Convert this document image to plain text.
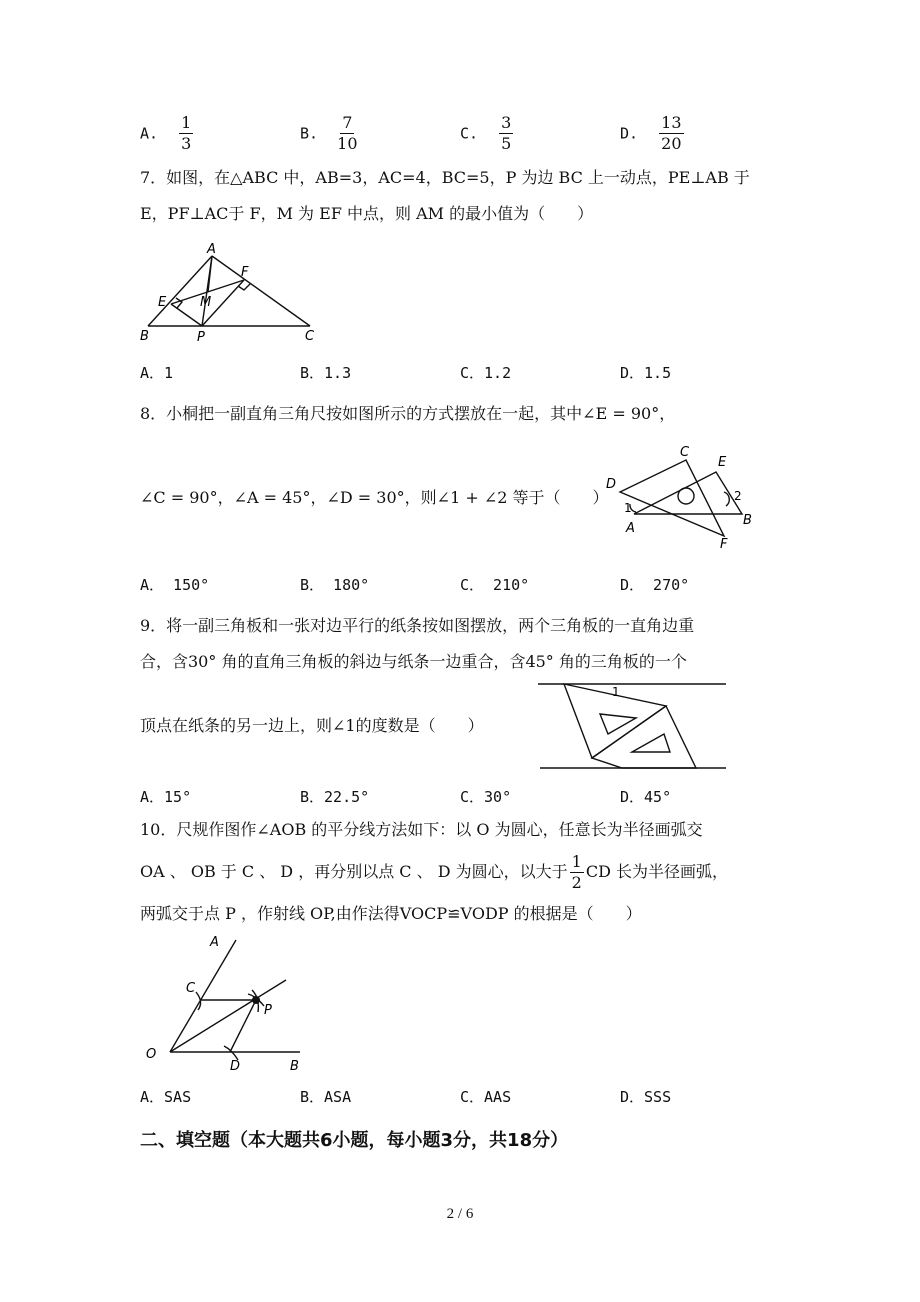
A. $\frac{1}{3}$	B. $\frac{7}{10}$	C. $\frac{3}{5}$	D. $\frac{13}{20}$
7．如图，在△ABC 中，AB=3，AC=4，BC=5，P 为边 BC 上一动点，PE⊥AB 于
E，PF⊥AC于 F，M 为 EF 中点，则 AM 的最小值为（　　）
A
F
E	M
B	P	C
A．1	B．1.3	C．1.2	D．1.5
8．小桐把一副直角三角尺按如图所示的方式摆放在一起，其中∠E = 90°，
∠C = 90°，∠A = 45°，∠D = 30°，则∠1 + ∠2 等于（　　）
C
E
D
2
1
A
B
F
A． 150°	B． 180°	C． 210°	D． 270°
9．将一副三角板和一张对边平行的纸条按如图摆放，两个三角板的一直角边重
合，含30° 角的直角三角板的斜边与纸条一边重合，含45° 角的三角板的一个
顶点在纸条的另一边上，则∠1的度数是（　　）
1
A．15°	B．22.5°	C．30°	D．45°
10．尺规作图作∠AOB 的平分线方法如下：以 O 为圆心，任意长为半径画弧交
OA 、 OB 于 C 、 D ，再分别以点 C 、 D 为圆心，以大于 $\frac{1}{2}$ CD 长为半径画弧，
两弧交于点 P ，作射线 OP,由作法得VOCP≌VODP 的根据是（　　）
A
C
P
O
D	B
A．SAS	B．ASA	C．AAS	D．SSS
二、填空题（本大题共6小题，每小题3分，共18分）
2 / 6
